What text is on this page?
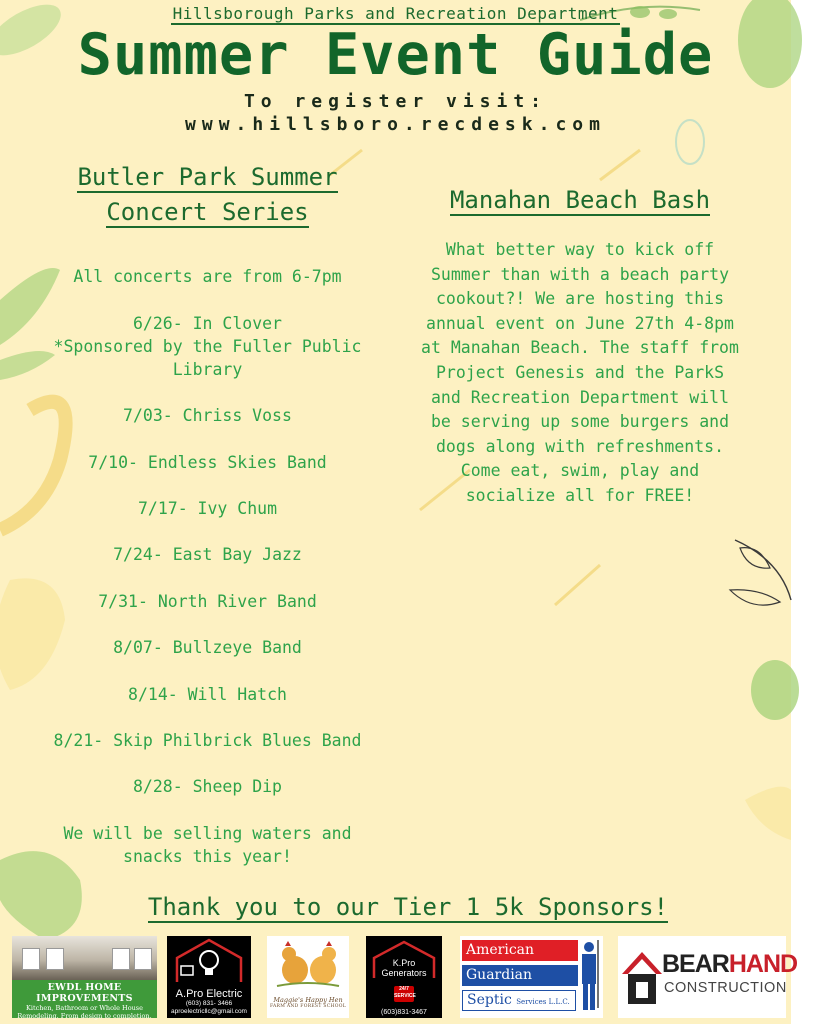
Hillsborough Parks and Recreation Department
Summer Event Guide
To register visit:
www.hillsboro.recdesk.com
Butler Park Summer
Concert Series
All concerts are from 6-7pm
6/26- In Clover
*Sponsored by the Fuller Public
Library
7/03- Chriss Voss
7/10- Endless Skies Band
7/17- Ivy Chum
7/24- East Bay Jazz
7/31- North River Band
8/07- Bullzeye Band
8/14- Will Hatch
8/21- Skip Philbrick Blues Band
8/28- Sheep Dip
We will be selling waters and
snacks this year!
Manahan Beach Bash
What better way to kick off
Summer than with a beach party
cookout?! We are hosting this
annual event on June 27th 4-8pm
at Manahan Beach. The staff from
Project Genesis and the ParkS
and Recreation Department will
be serving up some burgers and
dogs along with refreshments.
Come eat, swim, play and
socialize all for FREE!
Thank you to our Tier 1 5k Sponsors!
EWDL HOME IMPROVEMENTS
Kitchen, Bathroom or Whole House
Remodeling. From design to completion.
A.Pro Electric
(603) 831- 3466
aproelectricllc@gmail.com
Maggie's Happy Hen
FARM AND FOREST SCHOOL
K.Pro
Generators
24/7
SERVICE
(603)831-3467
American
Guardian
Septic Services L.L.C.
BEARHAND
CONSTRUCTION
